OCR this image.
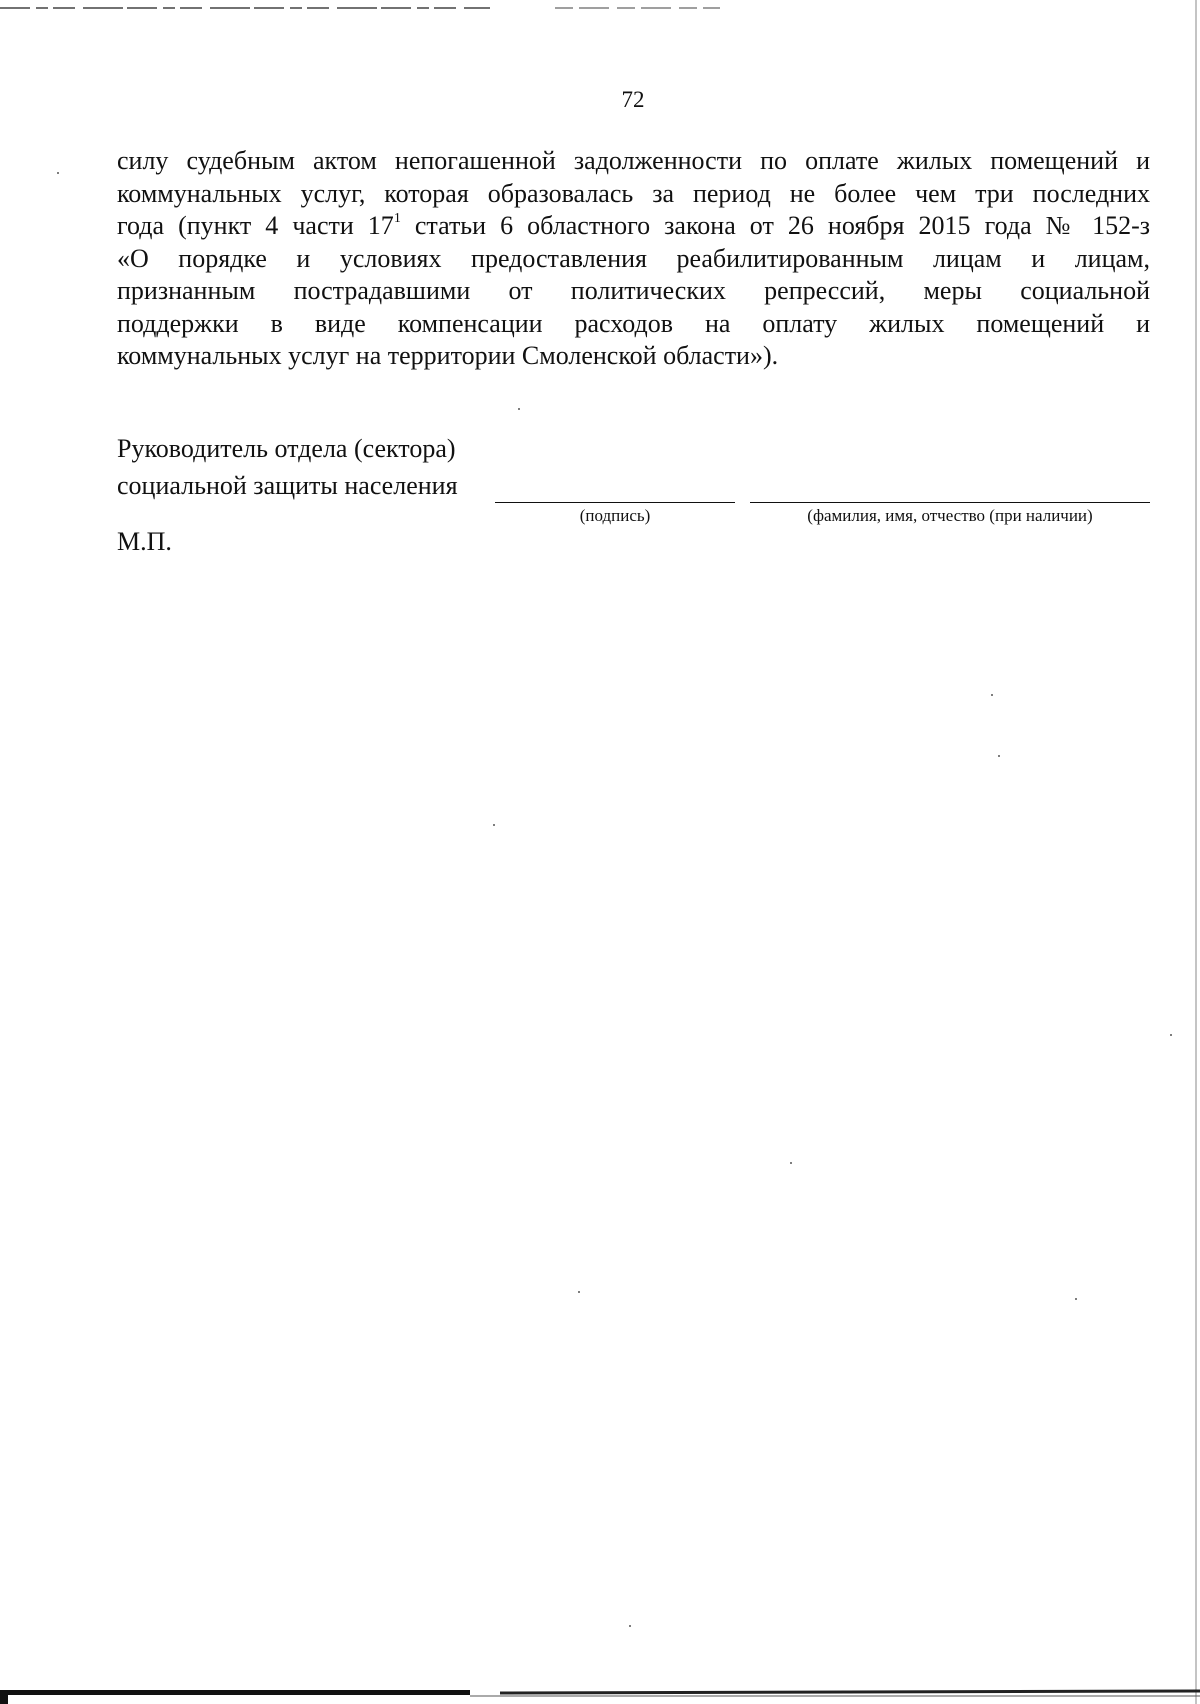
72
силу судебным актом непогашенной задолженности по оплате жилых помещений и
коммунальных услуг, которая образовалась за период не более чем три последних
года (пункт 4 части $17^1$ статьи 6 областного закона от 26 ноября 2015 года № 152-з
«О порядке и условиях предоставления реабилитированным лицам и лицам,
признанным пострадавшими от политических репрессий, меры социальной
поддержки в виде компенсации расходов на оплату жилых помещений и
коммунальных услуг на территории Смоленской области»).
Руководитель отдела (сектора)
социальной защиты населения
(подпись)	(фамилия, имя, отчество (при наличии)
М.П.
